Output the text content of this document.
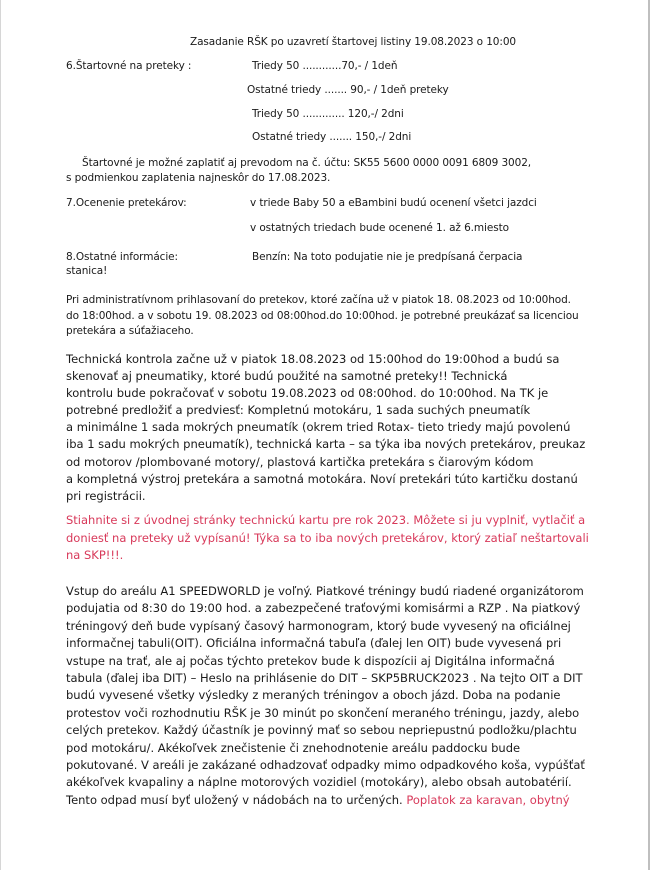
Zasadanie RŠK po uzavretí štartovej listiny 19.08.2023 o 10:00
6.Štartovné na preteky :	Triedy 50 ............70,- / 1deň
Ostatné triedy ....... 90,- / 1deň preteky
Triedy 50 ............. 120,-/ 2dni
Ostatné triedy ....... 150,-/ 2dni
Štartovné je možné zaplatiť aj prevodom na č. účtu: SK55 5600 0000 0091 6809 3002,
s podmienkou zaplatenia najneskôr do 17.08.2023.
7.Ocenenie pretekárov:	v triede Baby 50 a eBambini budú ocenení všetci jazdci
v ostatných triedach bude ocenené 1. až 6.miesto
8.Ostatné informácie:	Benzín: Na toto podujatie nie je predpísaná čerpacia
stanica!
Pri administratívnom prihlasovaní do pretekov, ktoré začína už v piatok 18. 08.2023 od 10:00hod.
do 18:00hod. a v sobotu 19. 08.2023 od 08:00hod.do 10:00hod. je potrebné preukázať sa licenciou
pretekára a súťažiaceho.
Technická kontrola začne už v piatok 18.08.2023 od 15:00hod do 19:00hod a budú sa
skenovať aj pneumatiky, ktoré budú použité na samotné preteky!! Technická
kontrolu bude pokračovať v sobotu 19.08.2023 od 08:00hod. do 10:00hod. Na TK je
potrebné predložiť a predviesť: Kompletnú motokáru, 1 sada suchých pneumatík
a minimálne 1 sada mokrých pneumatík (okrem tried Rotax- tieto triedy majú povolenú
iba 1 sadu mokrých pneumatík), technická karta – sa týka iba nových pretekárov, preukaz
od motorov /plombované motory/, plastová kartička pretekára s čiarovým kódom
a kompletná výstroj pretekára a samotná motokára. Noví pretekári túto kartičku dostanú
pri registrácii.
Stiahnite si z úvodnej stránky technickú kartu pre rok 2023. Môžete si ju vyplniť, vytlačiť a
doniesť na preteky už vypísanú! Týka sa to iba nových pretekárov, ktorý zatiaľ neštartovali
na SKP!!!.
Vstup do areálu A1 SPEEDWORLD je voľný. Piatkové tréningy budú riadené organizátorom
podujatia od 8:30 do 19:00 hod. a zabezpečené traťovými komisármi a RZP . Na piatkový
tréningový deň bude vypísaný časový harmonogram, ktorý bude vyvesený na oficiálnej
informačnej tabuli(OIT). Oficiálna informačná tabuľa (ďalej len OIT) bude vyvesená pri
vstupe na trať, ale aj počas týchto pretekov bude k dispozícii aj Digitálna informačná
tabula (ďalej iba DIT) – Heslo na prihlásenie do DIT – SKP5BRUCK2023 . Na tejto OIT a DIT
budú vyvesené všetky výsledky z meraných tréningov a oboch jázd. Doba na podanie
protestov voči rozhodnutiu RŠK je 30 minút po skončení meraného tréningu, jazdy, alebo
celých pretekov. Každý účastník je povinný mať so sebou nepriepustnú podložku/plachtu
pod motokáru/. Akékoľvek znečistenie či znehodnotenie areálu paddocku bude
pokutované. V areáli je zakázané odhadzovať odpadky mimo odpadkového koša, vypúšťať
akékoľvek kvapaliny a náplne motorových vozidiel (motokáry), alebo obsah autobatérií.
Tento odpad musí byť uložený v nádobách na to určených. Poplatok za karavan, obytný
